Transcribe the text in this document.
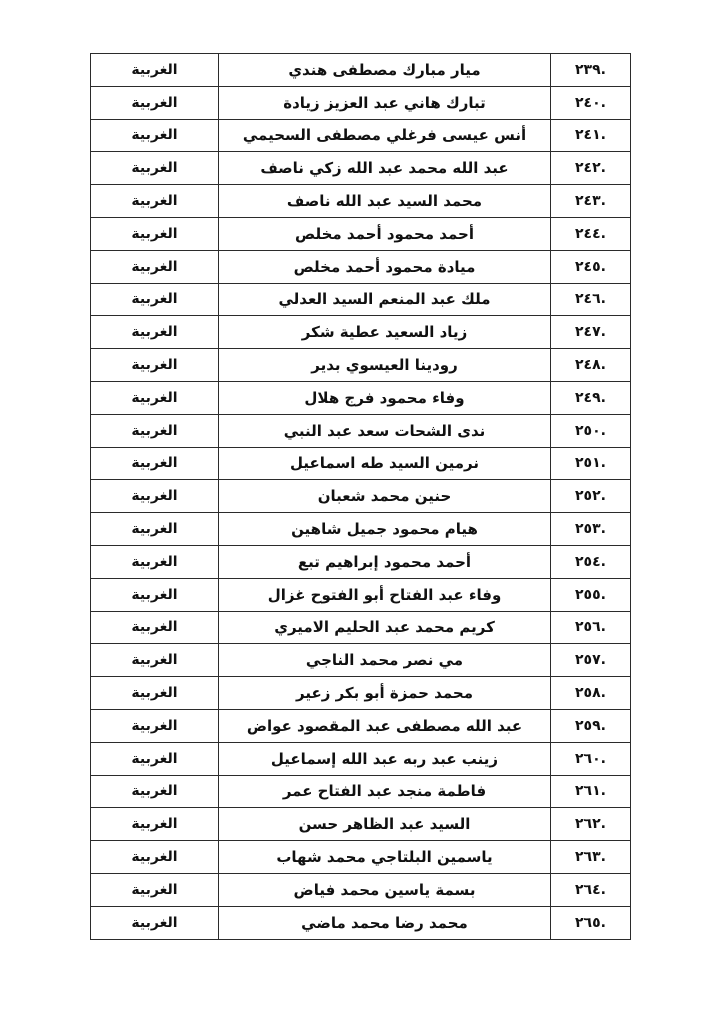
.٢٣٩	ميار مبارك مصطفى هندي	الغربية
.٢٤٠	تبارك هاني عبد العزيز زيادة	الغربية
.٢٤١	أنس عيسى فرغلي مصطفى السحيمي	الغربية
.٢٤٢	عبد الله محمد عبد الله زكي ناصف	الغربية
.٢٤٣	محمد السيد عبد الله ناصف	الغربية
.٢٤٤	أحمد محمود أحمد مخلص	الغربية
.٢٤٥	ميادة محمود أحمد مخلص	الغربية
.٢٤٦	ملك عبد المنعم السيد العدلي	الغربية
.٢٤٧	زياد السعيد عطية شكر	الغربية
.٢٤٨	رودينا العيسوي بدير	الغربية
.٢٤٩	وفاء محمود فرج هلال	الغربية
.٢٥٠	ندى الشحات سعد عبد النبي	الغربية
.٢٥١	نرمين السيد طه اسماعيل	الغربية
.٢٥٢	حنين محمد شعبان	الغربية
.٢٥٣	هيام محمود جميل شاهين	الغربية
.٢٥٤	أحمد محمود إبراهيم تبع	الغربية
.٢٥٥	وفاء عبد الفتاح أبو الفتوح غزال	الغربية
.٢٥٦	كريم محمد عبد الحليم الاميري	الغربية
.٢٥٧	مي نصر محمد الناجي	الغربية
.٢٥٨	محمد حمزة أبو بكر زعير	الغربية
.٢٥٩	عبد الله مصطفى عبد المقصود عواض	الغربية
.٢٦٠	زينب عبد ربه عبد الله إسماعيل	الغربية
.٢٦١	فاطمة منجد عبد الفتاح عمر	الغربية
.٢٦٢	السيد عبد الظاهر حسن	الغربية
.٢٦٣	ياسمين البلتاجي محمد شهاب	الغربية
.٢٦٤	بسمة ياسين محمد فياض	الغربية
.٢٦٥	محمد رضا محمد ماضي	الغربية
